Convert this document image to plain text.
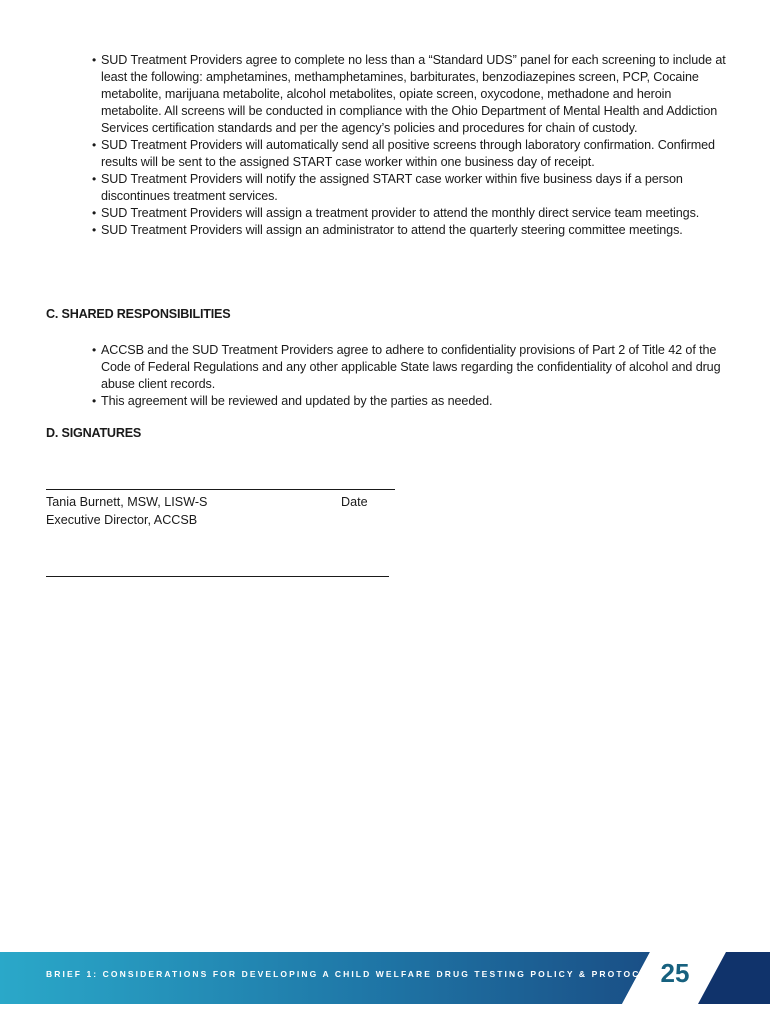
• SUD Treatment Providers agree to complete no less than a “Standard UDS” panel for each screening to include at least the following: amphetamines, methamphetamines, barbiturates, benzodiazepines screen, PCP, Cocaine metabolite, marijuana metabolite, alcohol metabolites, opiate screen, oxycodone, methadone and heroin metabolite. All screens will be conducted in compliance with the Ohio Department of Mental Health and Addiction Services certification standards and per the agency’s policies and procedures for chain of custody.
• SUD Treatment Providers will automatically send all positive screens through laboratory confirmation. Confirmed results will be sent to the assigned START case worker within one business day of receipt.
• SUD Treatment Providers will notify the assigned START case worker within five business days if a person discontinues treatment services.
• SUD Treatment Providers will assign a treatment provider to attend the monthly direct service team meetings.
• SUD Treatment Providers will assign an administrator to attend the quarterly steering committee meetings.
C. SHARED RESPONSIBILITIES
• ACCSB and the SUD Treatment Providers agree to adhere to confidentiality provisions of Part 2 of Title 42 of the Code of Federal Regulations and any other applicable State laws regarding the confidentiality of alcohol and drug abuse client records.
• This agreement will be reviewed and updated by the parties as needed.
D. SIGNATURES
Tania Burnett, MSW, LISW-S	Date
Executive Director, ACCSB
BRIEF 1: CONSIDERATIONS FOR DEVELOPING A CHILD WELFARE DRUG TESTING POLICY & PROTOCOL 25
